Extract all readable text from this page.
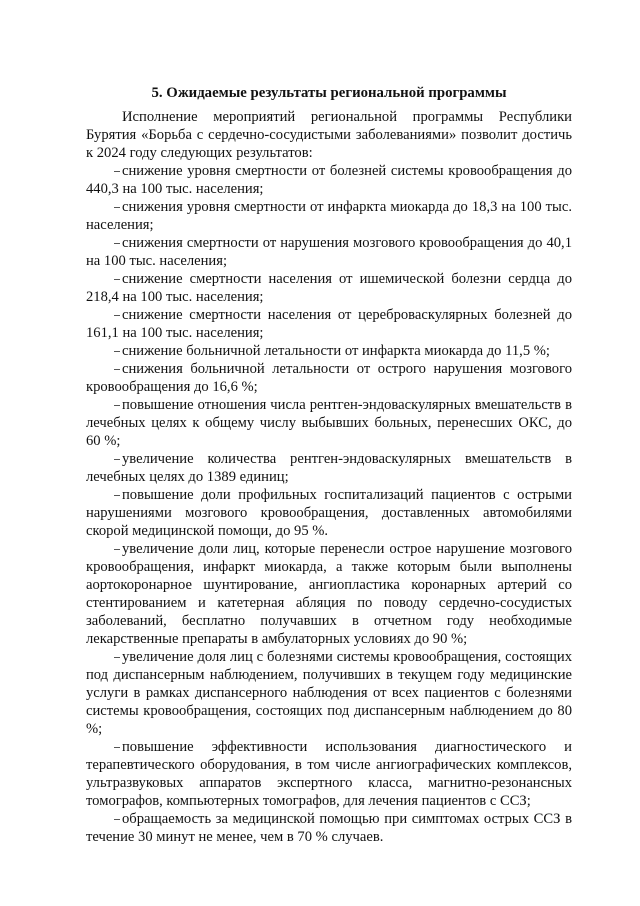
5. Ожидаемые результаты региональной программы

Исполнение мероприятий региональной программы Республики Бурятия «Борьба с сердечно-сосудистыми заболеваниями» позволит достичь к 2024 году следующих результатов:

снижение уровня смертности от болезней системы кровообращения до 440,3 на 100 тыс. населения;

снижения уровня смертности от инфаркта миокарда до 18,3 на 100 тыс. населения;

снижения смертности от нарушения мозгового кровообращения до 40,1 на 100 тыс. населения;

снижение смертности населения от ишемической болезни сердца до 218,4 на 100 тыс. населения;

снижение смертности населения от цереброваскулярных болезней до 161,1 на 100 тыс. населения;

снижение больничной летальности от инфаркта миокарда до 11,5 %;

снижения больничной летальности от острого нарушения мозгового кровообращения до 16,6 %;

повышение отношения числа рентген-эндоваскулярных вмешательств в лечебных целях к общему числу выбывших больных, перенесших ОКС, до 60 %;

увеличение количества рентген-эндоваскулярных вмешательств в лечебных целях до 1389 единиц;

повышение доли профильных госпитализаций пациентов с острыми нарушениями мозгового кровообращения, доставленных автомобилями скорой медицинской помощи, до 95 %.

увеличение доли лиц, которые перенесли острое нарушение мозгового кровообращения, инфаркт миокарда, а также которым были выполнены аортокоронарное шунтирование, ангиопластика коронарных артерий со стентированием и катетерная абляция по поводу сердечно-сосудистых заболеваний, бесплатно получавших в отчетном году необходимые лекарственные препараты в амбулаторных условиях до 90 %;

увеличение доля лиц с болезнями системы кровообращения, состоящих под диспансерным наблюдением, получивших в текущем году медицинские услуги в рамках диспансерного наблюдения от всех пациентов с болезнями системы кровообращения, состоящих под диспансерным наблюдением до 80 %;

повышение эффективности использования диагностического и терапевтического оборудования, в том числе ангиографических комплексов, ультразвуковых аппаратов экспертного класса, магнитно-резонансных томографов, компьютерных томографов, для лечения пациентов с ССЗ;

обращаемость за медицинской помощью при симптомах острых ССЗ в течение 30 минут не менее, чем в 70 % случаев.
